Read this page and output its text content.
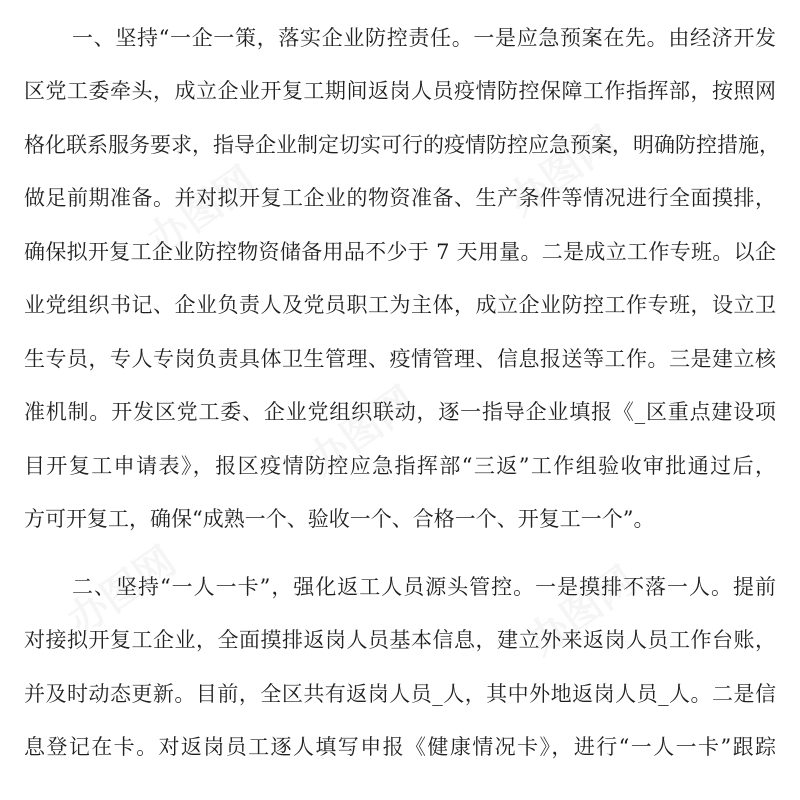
办图网	办图网
办图网
办图网
办图网
一、坚持“一企一策，落实企业防控责任。一是应急预案在先。由经济开发
区党工委牵头，成立企业开复工期间返岗人员疫情防控保障工作指挥部，按照网
格化联系服务要求，指导企业制定切实可行的疫情防控应急预案，明确防控措施，
做足前期准备。并对拟开复工企业的物资准备、生产条件等情况进行全面摸排，
确保拟开复工企业防控物资储备用品不少于 7 天用量。二是成立工作专班。以企
业党组织书记、企业负责人及党员职工为主体，成立企业防控工作专班，设立卫
生专员，专人专岗负责具体卫生管理、疫情管理、信息报送等工作。三是建立核
准机制。开发区党工委、企业党组织联动，逐一指导企业填报《_区重点建设项
目开复工申请表》，报区疫情防控应急指挥部“三返”工作组验收审批通过后，
方可开复工，确保“成熟一个、验收一个、合格一个、开复工一个”。
二、坚持“一人一卡”，强化返工人员源头管控。一是摸排不落一人。提前
对接拟开复工企业，全面摸排返岗人员基本信息，建立外来返岗人员工作台账，
并及时动态更新。目前，全区共有返岗人员_人，其中外地返岗人员_人。二是信
息登记在卡。对返岗员工逐人填写申报《健康情况卡》，进行“一人一卡”跟踪
